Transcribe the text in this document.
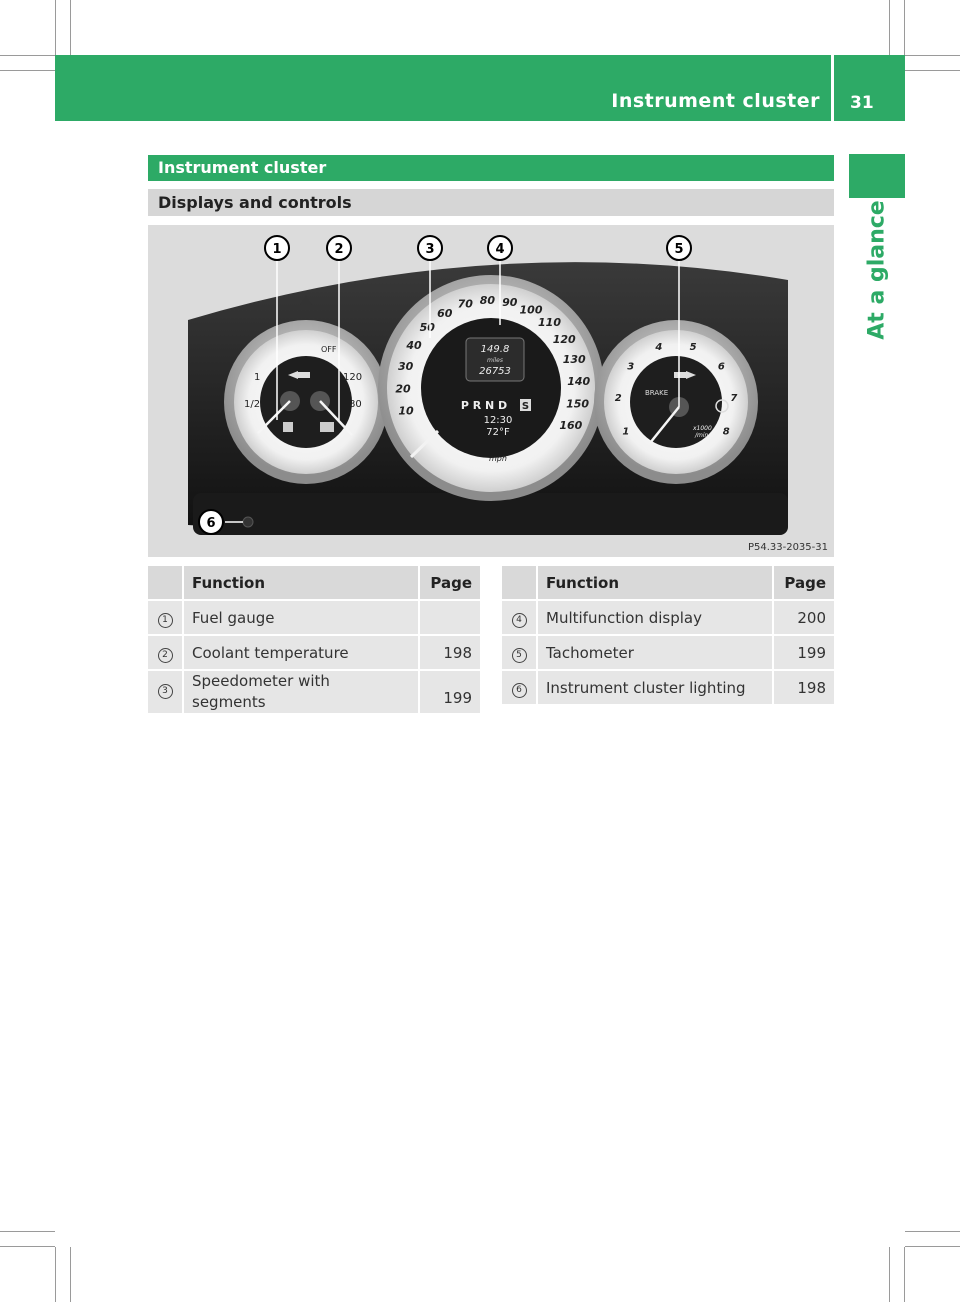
Instrument cluster 31
At a glance
Instrument cluster
Displays and controls
1
1/2
120
80
OFF	149.8
miles
26753
P R N D S
12:30
72°F
mph
10
20
30
40
50
60
70 80 90
100
110
120
130
140
150
160	1
2
3
4	5
6
7
8
BRAKE
x1000
/min
1	2	3	4	5
6
P54.33-2035-31
	Function	Page
1	Fuel gauge	
2	Coolant temperature	198
3	Speedometer with
segments	199
	Function	Page
4	Multifunction display	200
5	Tachometer	199
6	Instrument cluster lighting	198
